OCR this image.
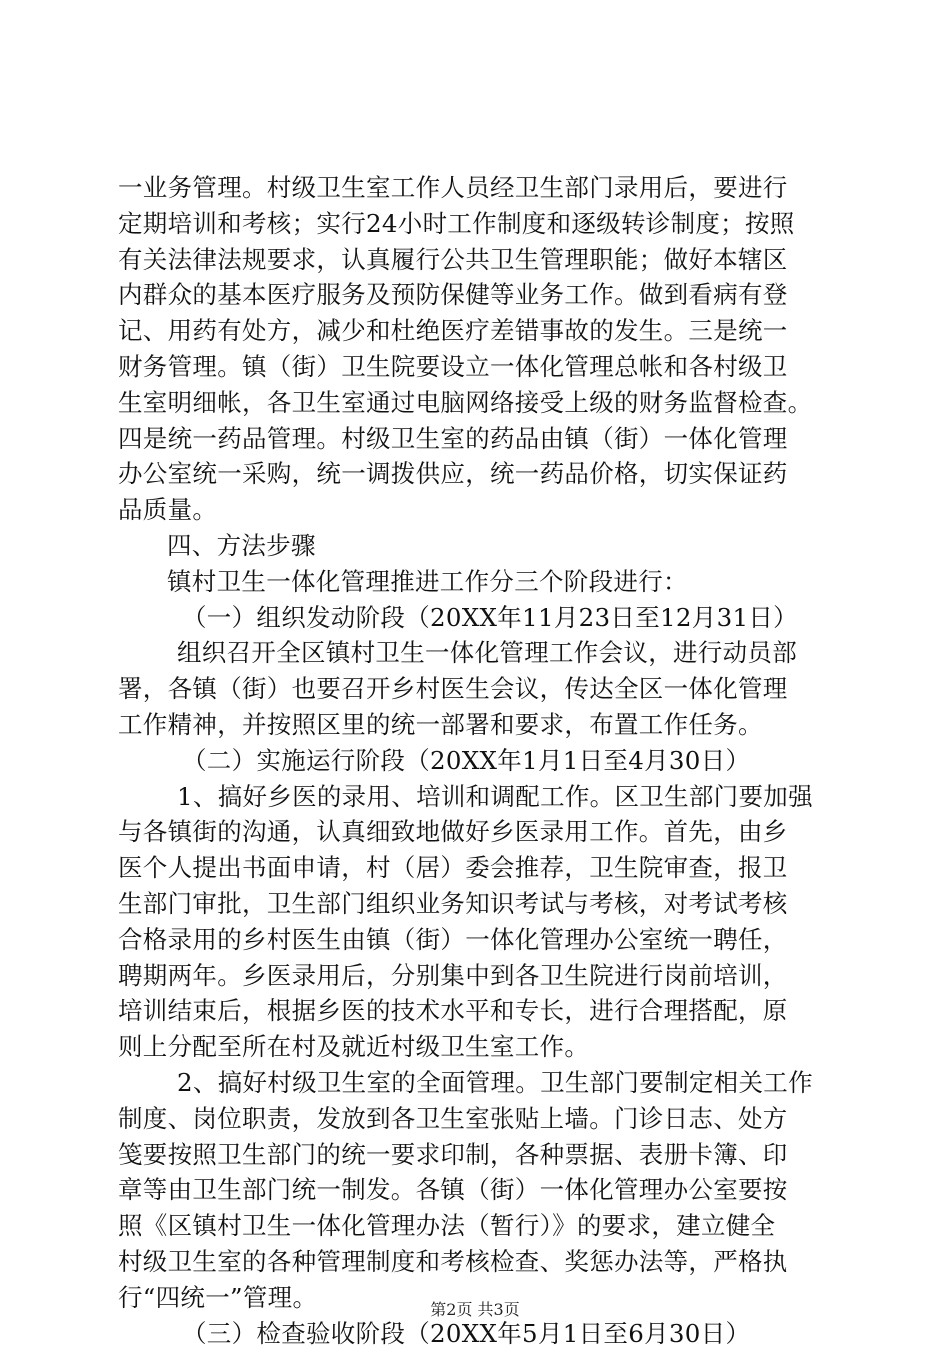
一业务管理。村级卫生室工作人员经卫生部门录用后，要进行
定期培训和考核；实行24小时工作制度和逐级转诊制度；按照
有关法律法规要求，认真履行公共卫生管理职能；做好本辖区
内群众的基本医疗服务及预防保健等业务工作。做到看病有登
记、用药有处方，减少和杜绝医疗差错事故的发生。三是统一
财务管理。镇（街）卫生院要设立一体化管理总帐和各村级卫
生室明细帐，各卫生室通过电脑网络接受上级的财务监督检查。
四是统一药品管理。村级卫生室的药品由镇（街）一体化管理
办公室统一采购，统一调拨供应，统一药品价格，切实保证药
品质量。
四、方法步骤
镇村卫生一体化管理推进工作分三个阶段进行：
（一）组织发动阶段（20XX年11月23日至12月31日）
组织召开全区镇村卫生一体化管理工作会议，进行动员部
署，各镇（街）也要召开乡村医生会议，传达全区一体化管理
工作精神，并按照区里的统一部署和要求，布置工作任务。
（二）实施运行阶段（20XX年1月1日至4月30日）
1、搞好乡医的录用、培训和调配工作。区卫生部门要加强
与各镇街的沟通，认真细致地做好乡医录用工作。首先，由乡
医个人提出书面申请，村（居）委会推荐，卫生院审查，报卫
生部门审批，卫生部门组织业务知识考试与考核，对考试考核
合格录用的乡村医生由镇（街）一体化管理办公室统一聘任，
聘期两年。乡医录用后，分别集中到各卫生院进行岗前培训，
培训结束后，根据乡医的技术水平和专长，进行合理搭配，原
则上分配至所在村及就近村级卫生室工作。
2、搞好村级卫生室的全面管理。卫生部门要制定相关工作
制度、岗位职责，发放到各卫生室张贴上墙。门诊日志、处方
笺要按照卫生部门的统一要求印制，各种票据、表册卡簿、印
章等由卫生部门统一制发。各镇（街）一体化管理办公室要按
照《区镇村卫生一体化管理办法（暂行）》的要求，建立健全
村级卫生室的各种管理制度和考核检查、奖惩办法等，严格执
行“四统一”管理。
（三）检查验收阶段（20XX年5月1日至6月30日）
第2页 共3页
